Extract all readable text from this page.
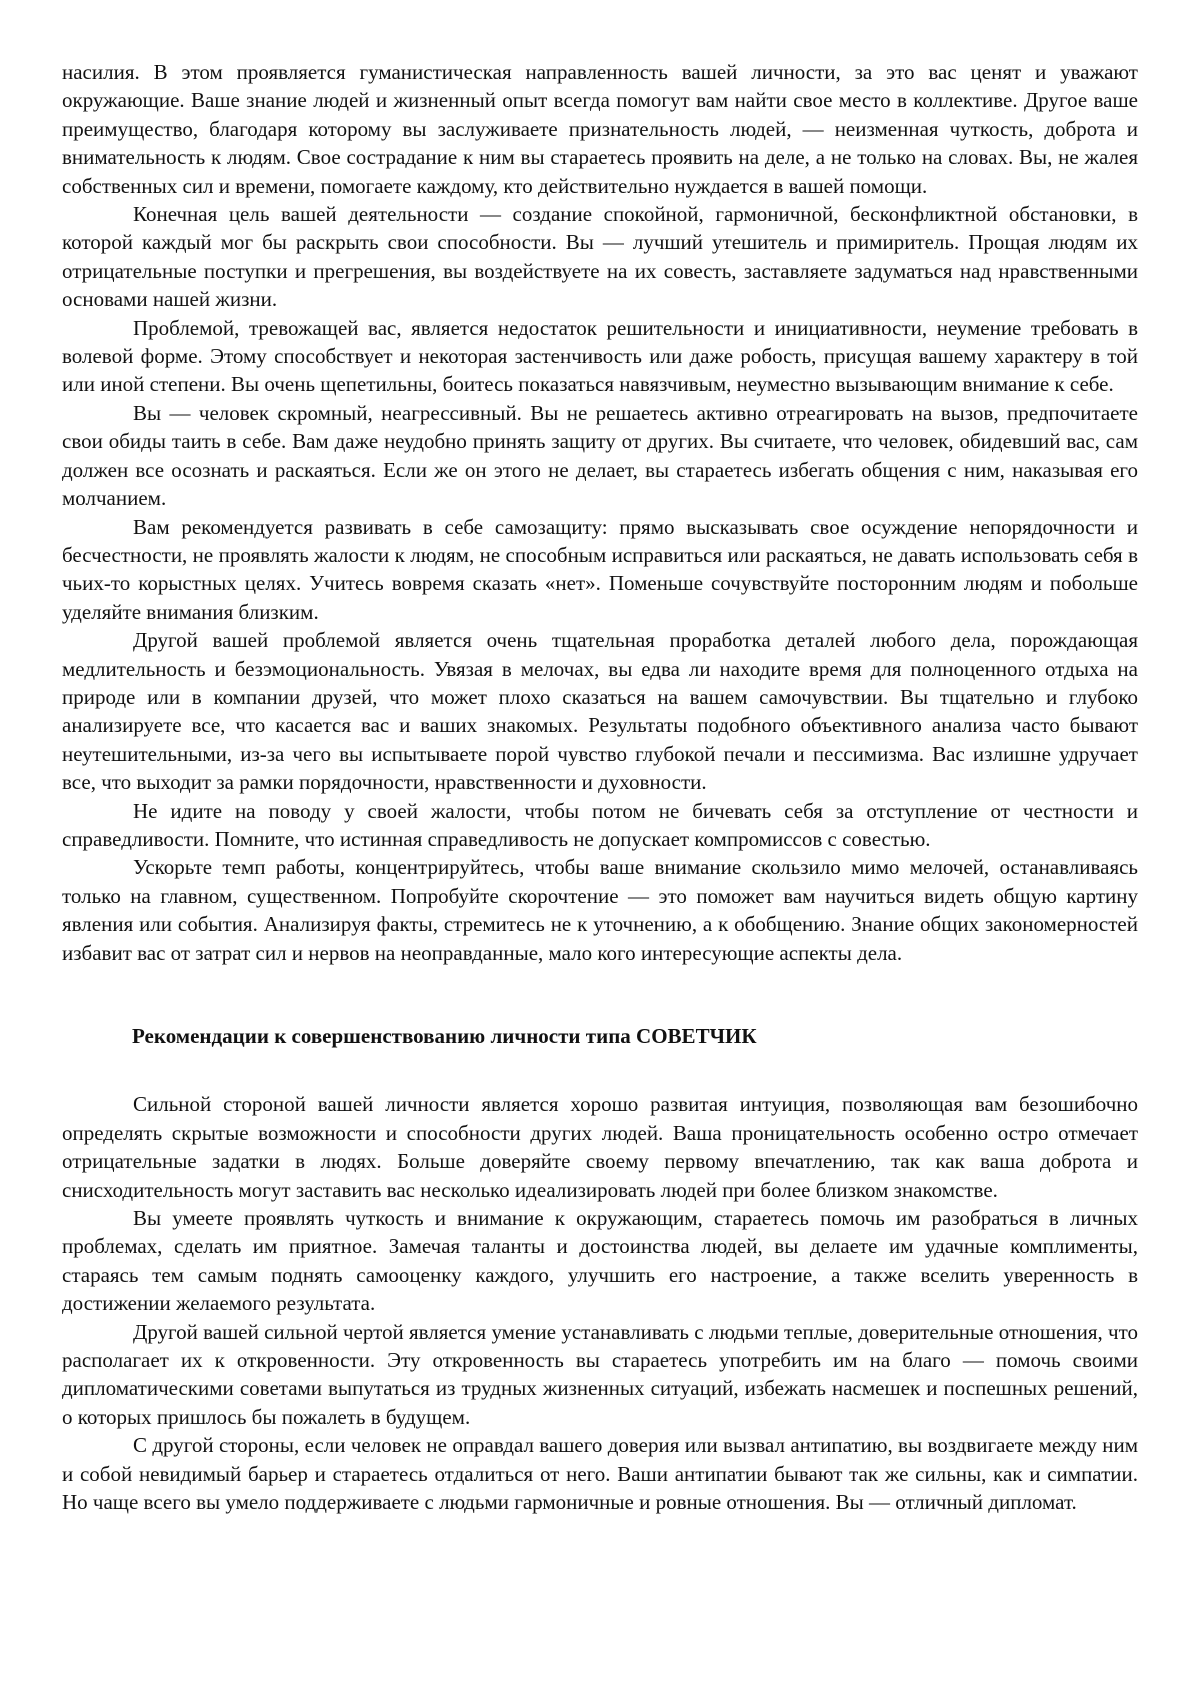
насилия. В этом проявляется гуманистическая направленность вашей личности, за это вас ценят и уважают окружающие. Ваше знание людей и жизненный опыт всегда помогут вам найти свое место в коллективе. Другое ваше преимущество, благодаря которому вы заслуживаете признательность людей, — неизменная чуткость, доброта и внимательность к людям. Свое сострадание к ним вы стараетесь проявить на деле, а не только на словах. Вы, не жалея собственных сил и времени, помогаете каждому, кто действительно нуждается в вашей помощи.

Конечная цель вашей деятельности — создание спокойной, гармоничной, бесконфликтной обстановки, в которой каждый мог бы раскрыть свои способности. Вы — лучший утешитель и примиритель. Прощая людям их отрицательные поступки и прегрешения, вы воздействуете на их совесть, заставляете задуматься над нравственными основами нашей жизни.

Проблемой, тревожащей вас, является недостаток решительности и инициативности, неумение требовать в волевой форме. Этому способствует и некоторая застенчивость или даже робость, присущая вашему характеру в той или иной степени. Вы очень щепетильны, боитесь показаться навязчивым, неуместно вызывающим внимание к себе.

Вы — человек скромный, неагрессивный. Вы не решаетесь активно отреагировать на вызов, предпочитаете свои обиды таить в себе. Вам даже неудобно принять защиту от других. Вы считаете, что человек, обидевший вас, сам должен все осознать и раскаяться. Если же он этого не делает, вы стараетесь избегать общения с ним, наказывая его молчанием.

Вам рекомендуется развивать в себе самозащиту: прямо высказывать свое осуждение непорядочности и бесчестности, не проявлять жалости к людям, не способным исправиться или раскаяться, не давать использовать себя в чьих-то корыстных целях. Учитесь вовремя сказать «нет». Поменьше сочувствуйте посторонним людям и побольше уделяйте внимания близким.

Другой вашей проблемой является очень тщательная проработка деталей любого дела, порождающая медлительность и безэмоциональность. Увязая в мелочах, вы едва ли находите время для полноценного отдыха на природе или в компании друзей, что может плохо сказаться на вашем самочувствии. Вы тщательно и глубоко анализируете все, что касается вас и ваших знакомых. Результаты подобного объективного анализа часто бывают неутешительными, из-за чего вы испытываете порой чувство глубокой печали и пессимизма. Вас излишне удручает все, что выходит за рамки порядочности, нравственности и духовности.

Не идите на поводу у своей жалости, чтобы потом не бичевать себя за отступление от честности и справедливости. Помните, что истинная справедливость не допускает компромиссов с совестью.

Ускорьте темп работы, концентрируйтесь, чтобы ваше внимание скользило мимо мелочей, останавливаясь только на главном, существенном. Попробуйте скорочтение — это поможет вам научиться видеть общую картину явления или события. Анализируя факты, стремитесь не к уточнению, а к обобщению. Знание общих закономерностей избавит вас от затрат сил и нервов на неоправданные, мало кого интересующие аспекты дела.

Рекомендации к совершенствованию личности типа СОВЕТЧИК

Сильной стороной вашей личности является хорошо развитая интуиция, позволяющая вам безошибочно определять скрытые возможности и способности других людей. Ваша проницательность особенно остро отмечает отрицательные задатки в людях. Больше доверяйте своему первому впечатлению, так как ваша доброта и снисходительность могут заставить вас несколько идеализировать людей при более близком знакомстве.

Вы умеете проявлять чуткость и внимание к окружающим, стараетесь помочь им разобраться в личных проблемах, сделать им приятное. Замечая таланты и достоинства людей, вы делаете им удачные комплименты, стараясь тем самым поднять самооценку каждого, улучшить его настроение, а также вселить уверенность в достижении желаемого результата.

Другой вашей сильной чертой является умение устанавливать с людьми теплые, доверительные отношения, что располагает их к откровенности. Эту откровенность вы стараетесь употребить им на благо — помочь своими дипломатическими советами выпутаться из трудных жизненных ситуаций, избежать насмешек и поспешных решений, о которых пришлось бы пожалеть в будущем.

С другой стороны, если человек не оправдал вашего доверия или вызвал антипатию, вы воздвигаете между ним и собой невидимый барьер и стараетесь отдалиться от него. Ваши антипатии бывают так же сильны, как и симпатии. Но чаще всего вы умело поддерживаете с людьми гармоничные и ровные отношения. Вы — отличный дипломат.
